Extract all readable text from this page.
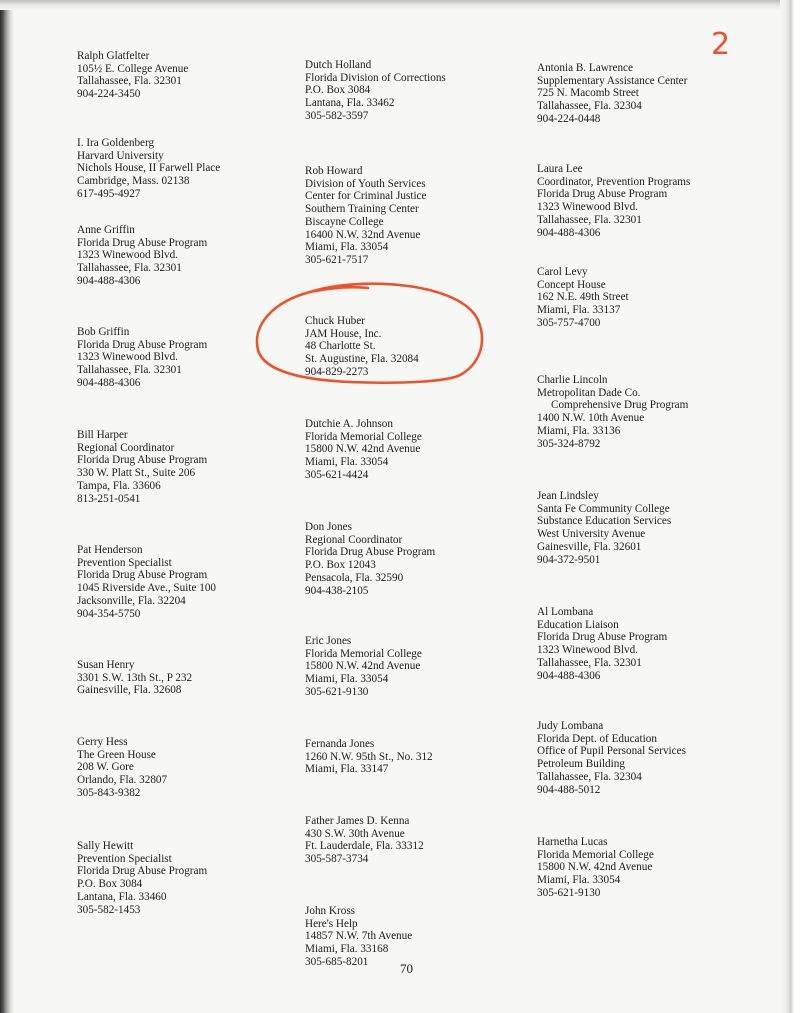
2
Ralph Glatfelter
105½ E. College Avenue
Tallahassee, Fla. 32301
904-224-3450
I. Ira Goldenberg
Harvard University
Nichols House, II Farwell Place
Cambridge, Mass. 02138
617-495-4927
Anne Griffin
Florida Drug Abuse Program
1323 Winewood Blvd.
Tallahassee, Fla. 32301
904-488-4306
Bob Griffin
Florida Drug Abuse Program
1323 Winewood Blvd.
Tallahassee, Fla. 32301
904-488-4306
Bill Harper
Regional Coordinator
Florida Drug Abuse Program
330 W. Platt St., Suite 206
Tampa, Fla. 33606
813-251-0541
Pat Henderson
Prevention Specialist
Florida Drug Abuse Program
1045 Riverside Ave., Suite 100
Jacksonville, Fla. 32204
904-354-5750
Susan Henry
3301 S.W. 13th St., P 232
Gainesville, Fla. 32608
Gerry Hess
The Green House
208 W. Gore
Orlando, Fla. 32807
305-843-9382
Sally Hewitt
Prevention Specialist
Florida Drug Abuse Program
P.O. Box 3084
Lantana, Fla. 33460
305-582-1453
Dutch Holland
Florida Division of Corrections
P.O. Box 3084
Lantana, Fla. 33462
305-582-3597
Rob Howard
Division of Youth Services
Center for Criminal Justice
Southern Training Center
Biscayne College
16400 N.W. 32nd Avenue
Miami, Fla. 33054
305-621-7517
Chuck Huber
JAM House, Inc.
48 Charlotte St.
St. Augustine, Fla. 32084
904-829-2273
Dutchie A. Johnson
Florida Memorial College
15800 N.W. 42nd Avenue
Miami, Fla. 33054
305-621-4424
Don Jones
Regional Coordinator
Florida Drug Abuse Program
P.O. Box 12043
Pensacola, Fla. 32590
904-438-2105
Eric Jones
Florida Memorial College
15800 N.W. 42nd Avenue
Miami, Fla. 33054
305-621-9130
Fernanda Jones
1260 N.W. 95th St., No. 312
Miami, Fla. 33147
Father James D. Kenna
430 S.W. 30th Avenue
Ft. Lauderdale, Fla. 33312
305-587-3734
John Kross
Here's Help
14857 N.W. 7th Avenue
Miami, Fla. 33168
305-685-8201
Antonia B. Lawrence
Supplementary Assistance Center
725 N. Macomb Street
Tallahassee, Fla. 32304
904-224-0448
Laura Lee
Coordinator, Prevention Programs
Florida Drug Abuse Program
1323 Winewood Blvd.
Tallahassee, Fla. 32301
904-488-4306
Carol Levy
Concept House
162 N.E. 49th Street
Miami, Fla. 33137
305-757-4700
Charlie Lincoln
Metropolitan Dade Co.
Comprehensive Drug Program
1400 N.W. 10th Avenue
Miami, Fla. 33136
305-324-8792
Jean Lindsley
Santa Fe Community College
Substance Education Services
West University Avenue
Gainesville, Fla. 32601
904-372-9501
Al Lombana
Education Liaison
Florida Drug Abuse Program
1323 Winewood Blvd.
Tallahassee, Fla. 32301
904-488-4306
Judy Lombana
Florida Dept. of Education
Office of Pupil Personal Services
Petroleum Building
Tallahassee, Fla. 32304
904-488-5012
Harnetha Lucas
Florida Memorial College
15800 N.W. 42nd Avenue
Miami, Fla. 33054
305-621-9130
70
